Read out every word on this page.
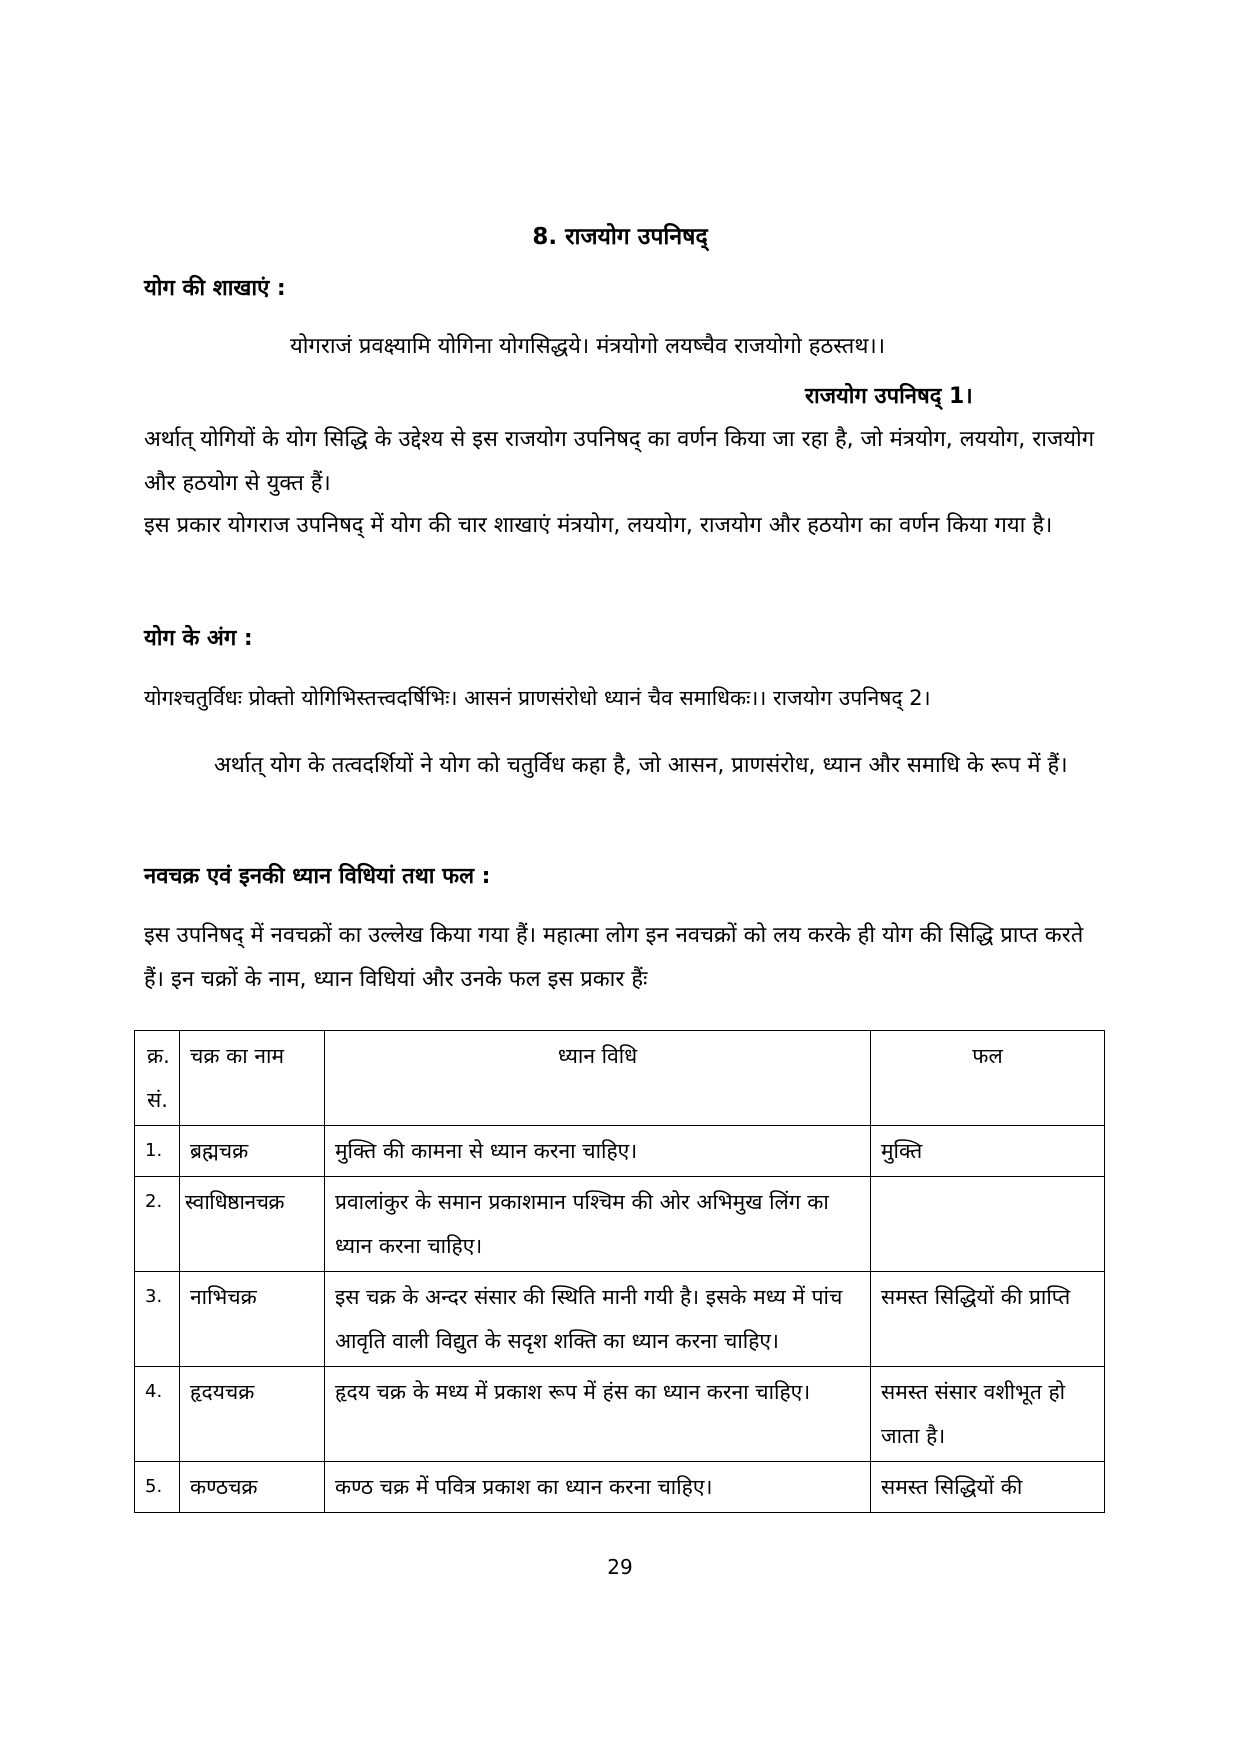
8. राजयोग उपनिषद्
योग की शाखाएं :
योगराजं प्रवक्ष्यामि योगिना योगसिद्धये। मंत्रयोगो लयष्चैव राजयोगो हठस्तथ।।
राजयोग उपनिषद् 1।
अर्थात् योगियों के योग सिद्धि के उद्देश्य से इस राजयोग उपनिषद् का वर्णन किया जा रहा है, जो मंत्रयोग, लययोग, राजयोग और हठयोग से युक्त हैं।
इस प्रकार योगराज उपनिषद् में योग की चार शाखाएं मंत्रयोग, लययोग, राजयोग और हठयोग का वर्णन किया गया है।
योग के अंग :
योगश्चतुर्विधः प्रोक्तो योगिभिस्तत्त्वदर्षिभिः। आसनं प्राणसंरोधो ध्यानं चैव समाधिकः।। राजयोग उपनिषद् 2।
अर्थात् योग के तत्वदर्शियों ने योग को चतुर्विध कहा है, जो आसन, प्राणसंरोध, ध्यान और समाधि के रूप में हैं।
नवचक्र एवं इनकी ध्यान विधियां तथा फल :
इस उपनिषद् में नवचक्रों का उल्लेख किया गया हैं। महात्मा लोग इन नवचक्रों को लय करके ही योग की सिद्धि प्राप्त करते हैं। इन चक्रों के नाम, ध्यान विधियां और उनके फल इस प्रकार हैंः
क्र. सं.	चक्र का नाम	ध्यान विधि	फल
1.	ब्रह्मचक्र	मुक्ति की कामना से ध्यान करना चाहिए।	मुक्ति
2.	स्वाधिष्ठानचक्र	प्रवालांकुर के समान प्रकाशमान पश्चिम की ओर अभिमुख लिंग का ध्यान करना चाहिए।	
3.	नाभिचक्र	इस चक्र के अन्दर संसार की स्थिति मानी गयी है। इसके मध्य में पांच आवृति वाली विद्युत के सदृश शक्ति का ध्यान करना चाहिए।	समस्त सिद्धियों की प्राप्ति
4.	हृदयचक्र	हृदय चक्र के मध्य में प्रकाश रूप में हंस का ध्यान करना चाहिए।	समस्त संसार वशीभूत हो जाता है।
5.	कण्ठचक्र	कण्ठ चक्र में पवित्र प्रकाश का ध्यान करना चाहिए।	समस्त सिद्धियों की
29
